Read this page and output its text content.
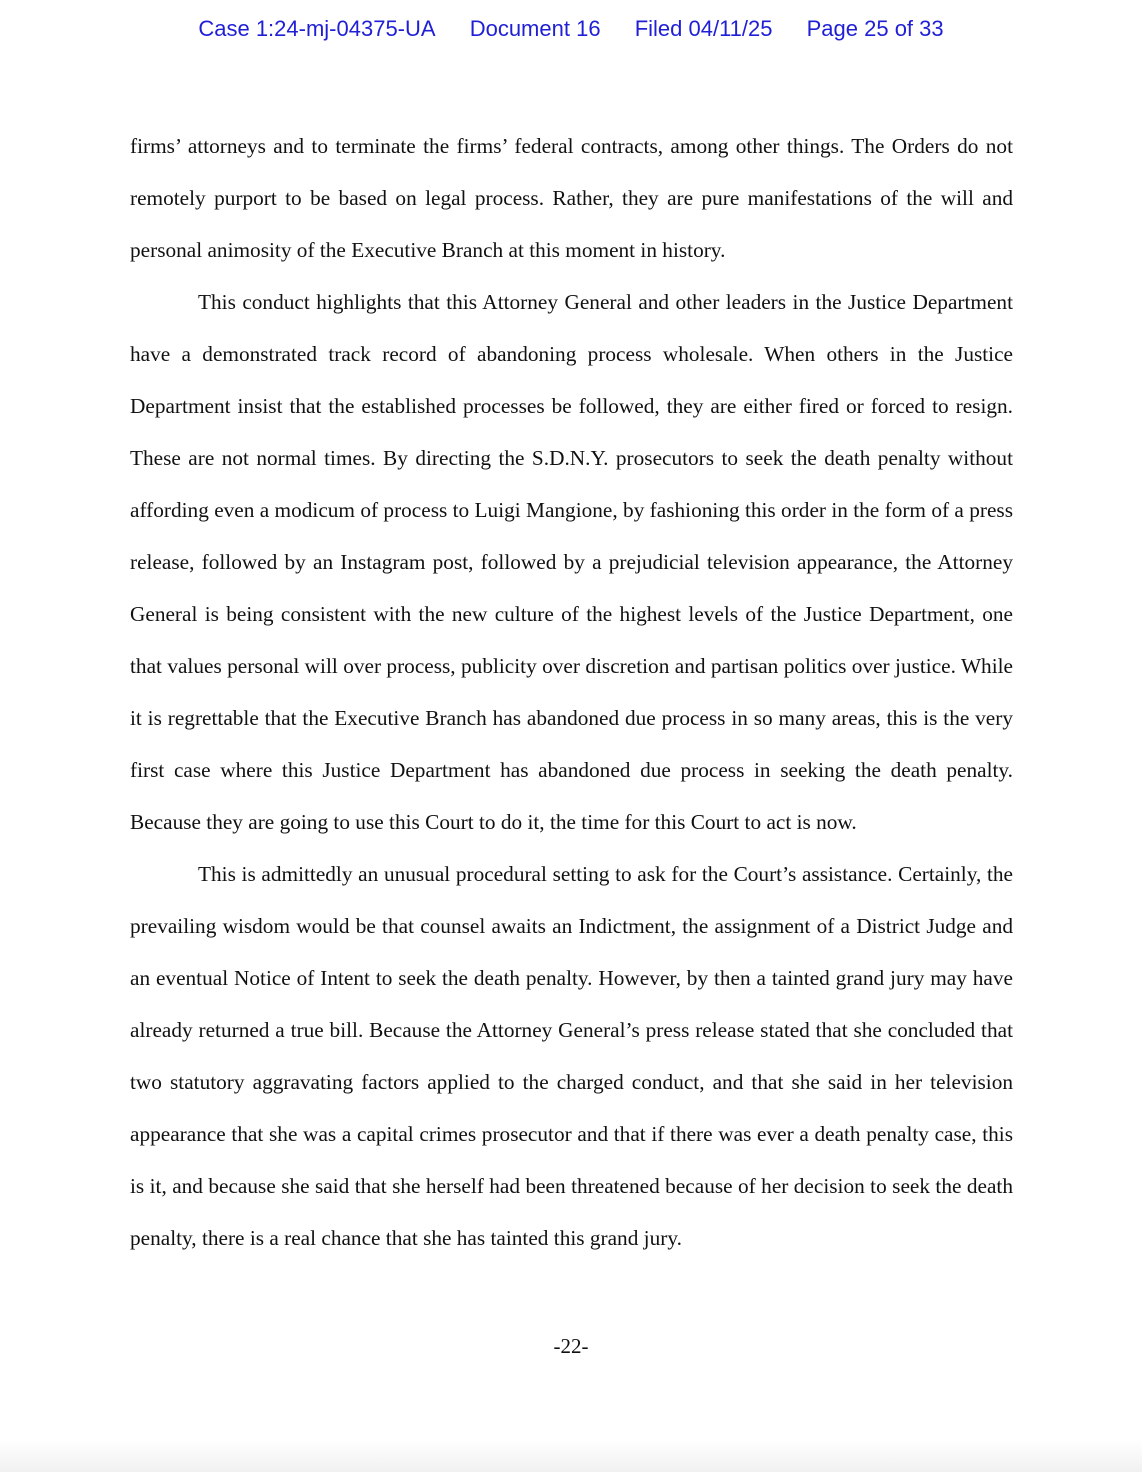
Case 1:24-mj-04375-UA Document 16 Filed 04/11/25 Page 25 of 33

firms’ attorneys and to terminate the firms’ federal contracts, among other things. The Orders do not remotely purport to be based on legal process. Rather, they are pure manifestations of the will and personal animosity of the Executive Branch at this moment in history.

This conduct highlights that this Attorney General and other leaders in the Justice Department have a demonstrated track record of abandoning process wholesale. When others in the Justice Department insist that the established processes be followed, they are either fired or forced to resign. These are not normal times. By directing the S.D.N.Y. prosecutors to seek the death penalty without affording even a modicum of process to Luigi Mangione, by fashioning this order in the form of a press release, followed by an Instagram post, followed by a prejudicial television appearance, the Attorney General is being consistent with the new culture of the highest levels of the Justice Department, one that values personal will over process, publicity over discretion and partisan politics over justice. While it is regrettable that the Executive Branch has abandoned due process in so many areas, this is the very first case where this Justice Department has abandoned due process in seeking the death penalty. Because they are going to use this Court to do it, the time for this Court to act is now.

This is admittedly an unusual procedural setting to ask for the Court’s assistance. Certainly, the prevailing wisdom would be that counsel awaits an Indictment, the assignment of a District Judge and an eventual Notice of Intent to seek the death penalty. However, by then a tainted grand jury may have already returned a true bill. Because the Attorney General’s press release stated that she concluded that two statutory aggravating factors applied to the charged conduct, and that she said in her television appearance that she was a capital crimes prosecutor and that if there was ever a death penalty case, this is it, and because she said that she herself had been threatened because of her decision to seek the death penalty, there is a real chance that she has tainted this grand jury.

-22-
